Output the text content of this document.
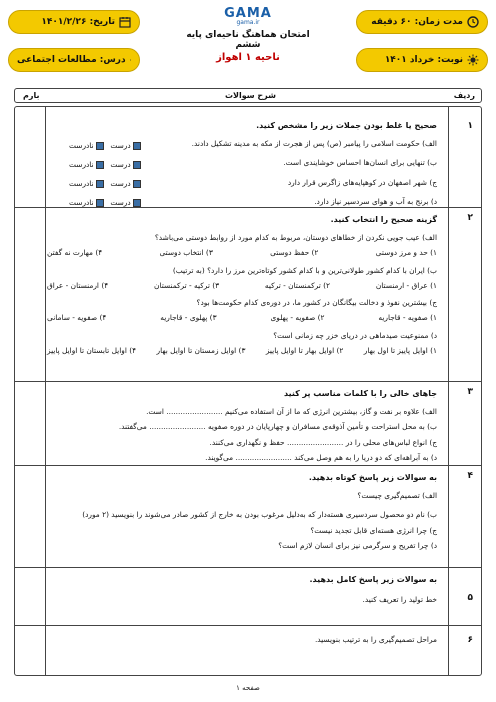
مدت زمان: ۶۰ دقیقه
تاریخ: ۱۴۰۱/۲/۲۶
نوبت: خرداد ۱۴۰۱
درس: مطالعات اجتماعی
GAMA
gama.ir
امتحان هماهنگ ناحیه‌ای پایه ششم
ناحیه ۱ اهواز
ردیف
شرح سوالات
بارم
۱
صحیح یا غلط بودن جملات زیر را مشخص کنید.
الف) حکومت اسلامی را پیامبر (ص) پس از هجرت از مکه به مدینه تشکیل دادند.
ب) تنهایی برای انسان‌ها احساس خوشایندی است.
ج) شهر اصفهان در کوهپایه‌های زاگرس قرار دارد
د) برنج به آب و هوای سردسیر نیاز دارد.
درست  نادرست
درست  نادرست
درست  نادرست
درست  نادرست
۲
گزینه صحیح را انتخاب کنید.
الف) عیب جویی نکردن از خطاهای دوستان، مربوط به کدام مورد از روابط دوستی می‌باشد؟
۱) حد و مرز دوستی
۲) حفظ دوستی
۳) انتخاب دوستی
۴) مهارت نه گفتن
ب) ایران با کدام کشور طولانی‌ترین و با کدام کشور کوتاه‌ترین مرز را دارد؟ (به ترتیب)
۱) عراق - ارمنستان
۲) ترکمنستان - ترکیه
۳) ترکیه - ترکمنستان
۴) ارمنستان - عراق
ج) بیشترین نفوذ و دخالت بیگانگان در کشور ما، در دوره‌ی کدام حکومت‌ها بود؟
۱) صفویه - قاجاریه
۲) صفویه - پهلوی
۳) پهلوی - قاجاریه
۴) صفویه - سامانی
د) ممنوعیت صیدماهی در دریای خزر چه زمانی است؟
۱) اوایل پاییز تا اول بهار
۲) اوایل بهار تا اوایل پاییز
۳) اوایل زمستان تا اوایل بهار
۴) اوایل تابستان تا اوایل پاییز
۳
جاهای خالی را با کلمات مناسب پر کنید
الف) علاوه بر نفت و گاز، بیشترین انرژی که ما از آن استفاده می‌کنیم ........................ است.
ب) به محل استراحت و تأمین آذوقه‌ی مسافران و چهارپایان در دوره صفویه ........................ می‌گفتند.
ج) انواع لباس‌های محلی را در ........................ حفظ و نگهداری می‌کنند.
د) به آبراهه‌ای که دو دریا را به هم وصل می‌کند ........................ می‌گویند.
۴
به سوالات زیر پاسخ کوتاه بدهید.
الف) تصمیم‌گیری چیست؟
ب) نام دو محصول سردسیری هسته‌دار که به‌دلیل مرغوب بودن به خارج از کشور صادر می‌شوند را بنویسید (۲ مورد)
ج) چرا انرژی هسته‌ای قابل تجدید نیست؟
د) چرا تفریح و سرگرمی نیز برای انسان لازم است؟
۵
به سوالات زیر پاسخ کامل بدهید.
خط تولید را تعریف کنید.
۶
مراحل تصمیم‌گیری را به ترتیب بنویسید.
صفحه ۱
